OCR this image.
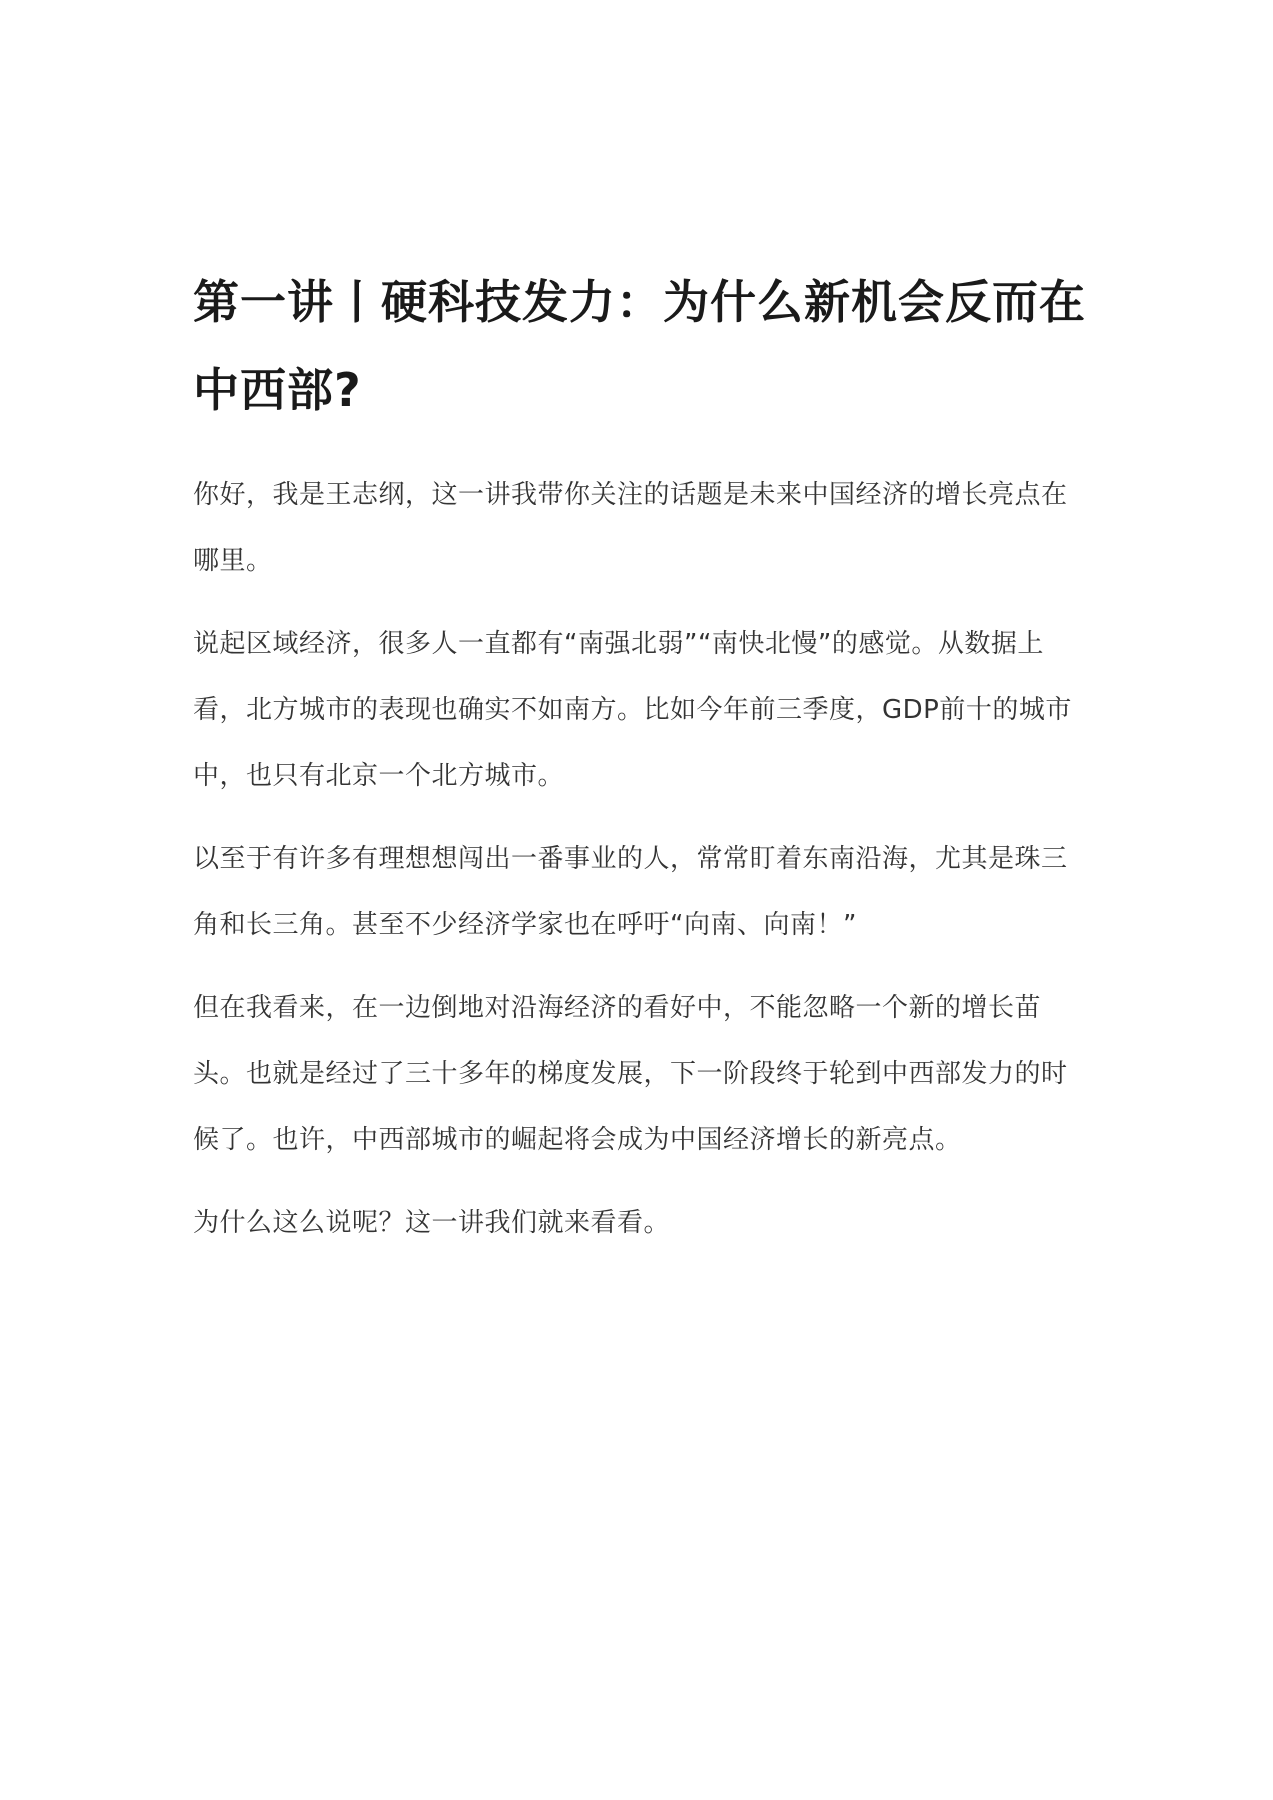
第一讲丨硬科技发力：为什么新机会反而在中西部?

你好，我是王志纲，这一讲我带你关注的话题是未来中国经济的增长亮点在哪里。

说起区域经济，很多人一直都有“南强北弱”“南快北慢”的感觉。从数据上看，北方城市的表现也确实不如南方。比如今年前三季度，GDP前十的城市中，也只有北京一个北方城市。

以至于有许多有理想想闯出一番事业的人，常常盯着东南沿海，尤其是珠三角和长三角。甚至不少经济学家也在呼吁“向南、向南！”

但在我看来，在一边倒地对沿海经济的看好中，不能忽略一个新的增长苗头。也就是经过了三十多年的梯度发展，下一阶段终于轮到中西部发力的时候了。也许，中西部城市的崛起将会成为中国经济增长的新亮点。

为什么这么说呢？这一讲我们就来看看。
